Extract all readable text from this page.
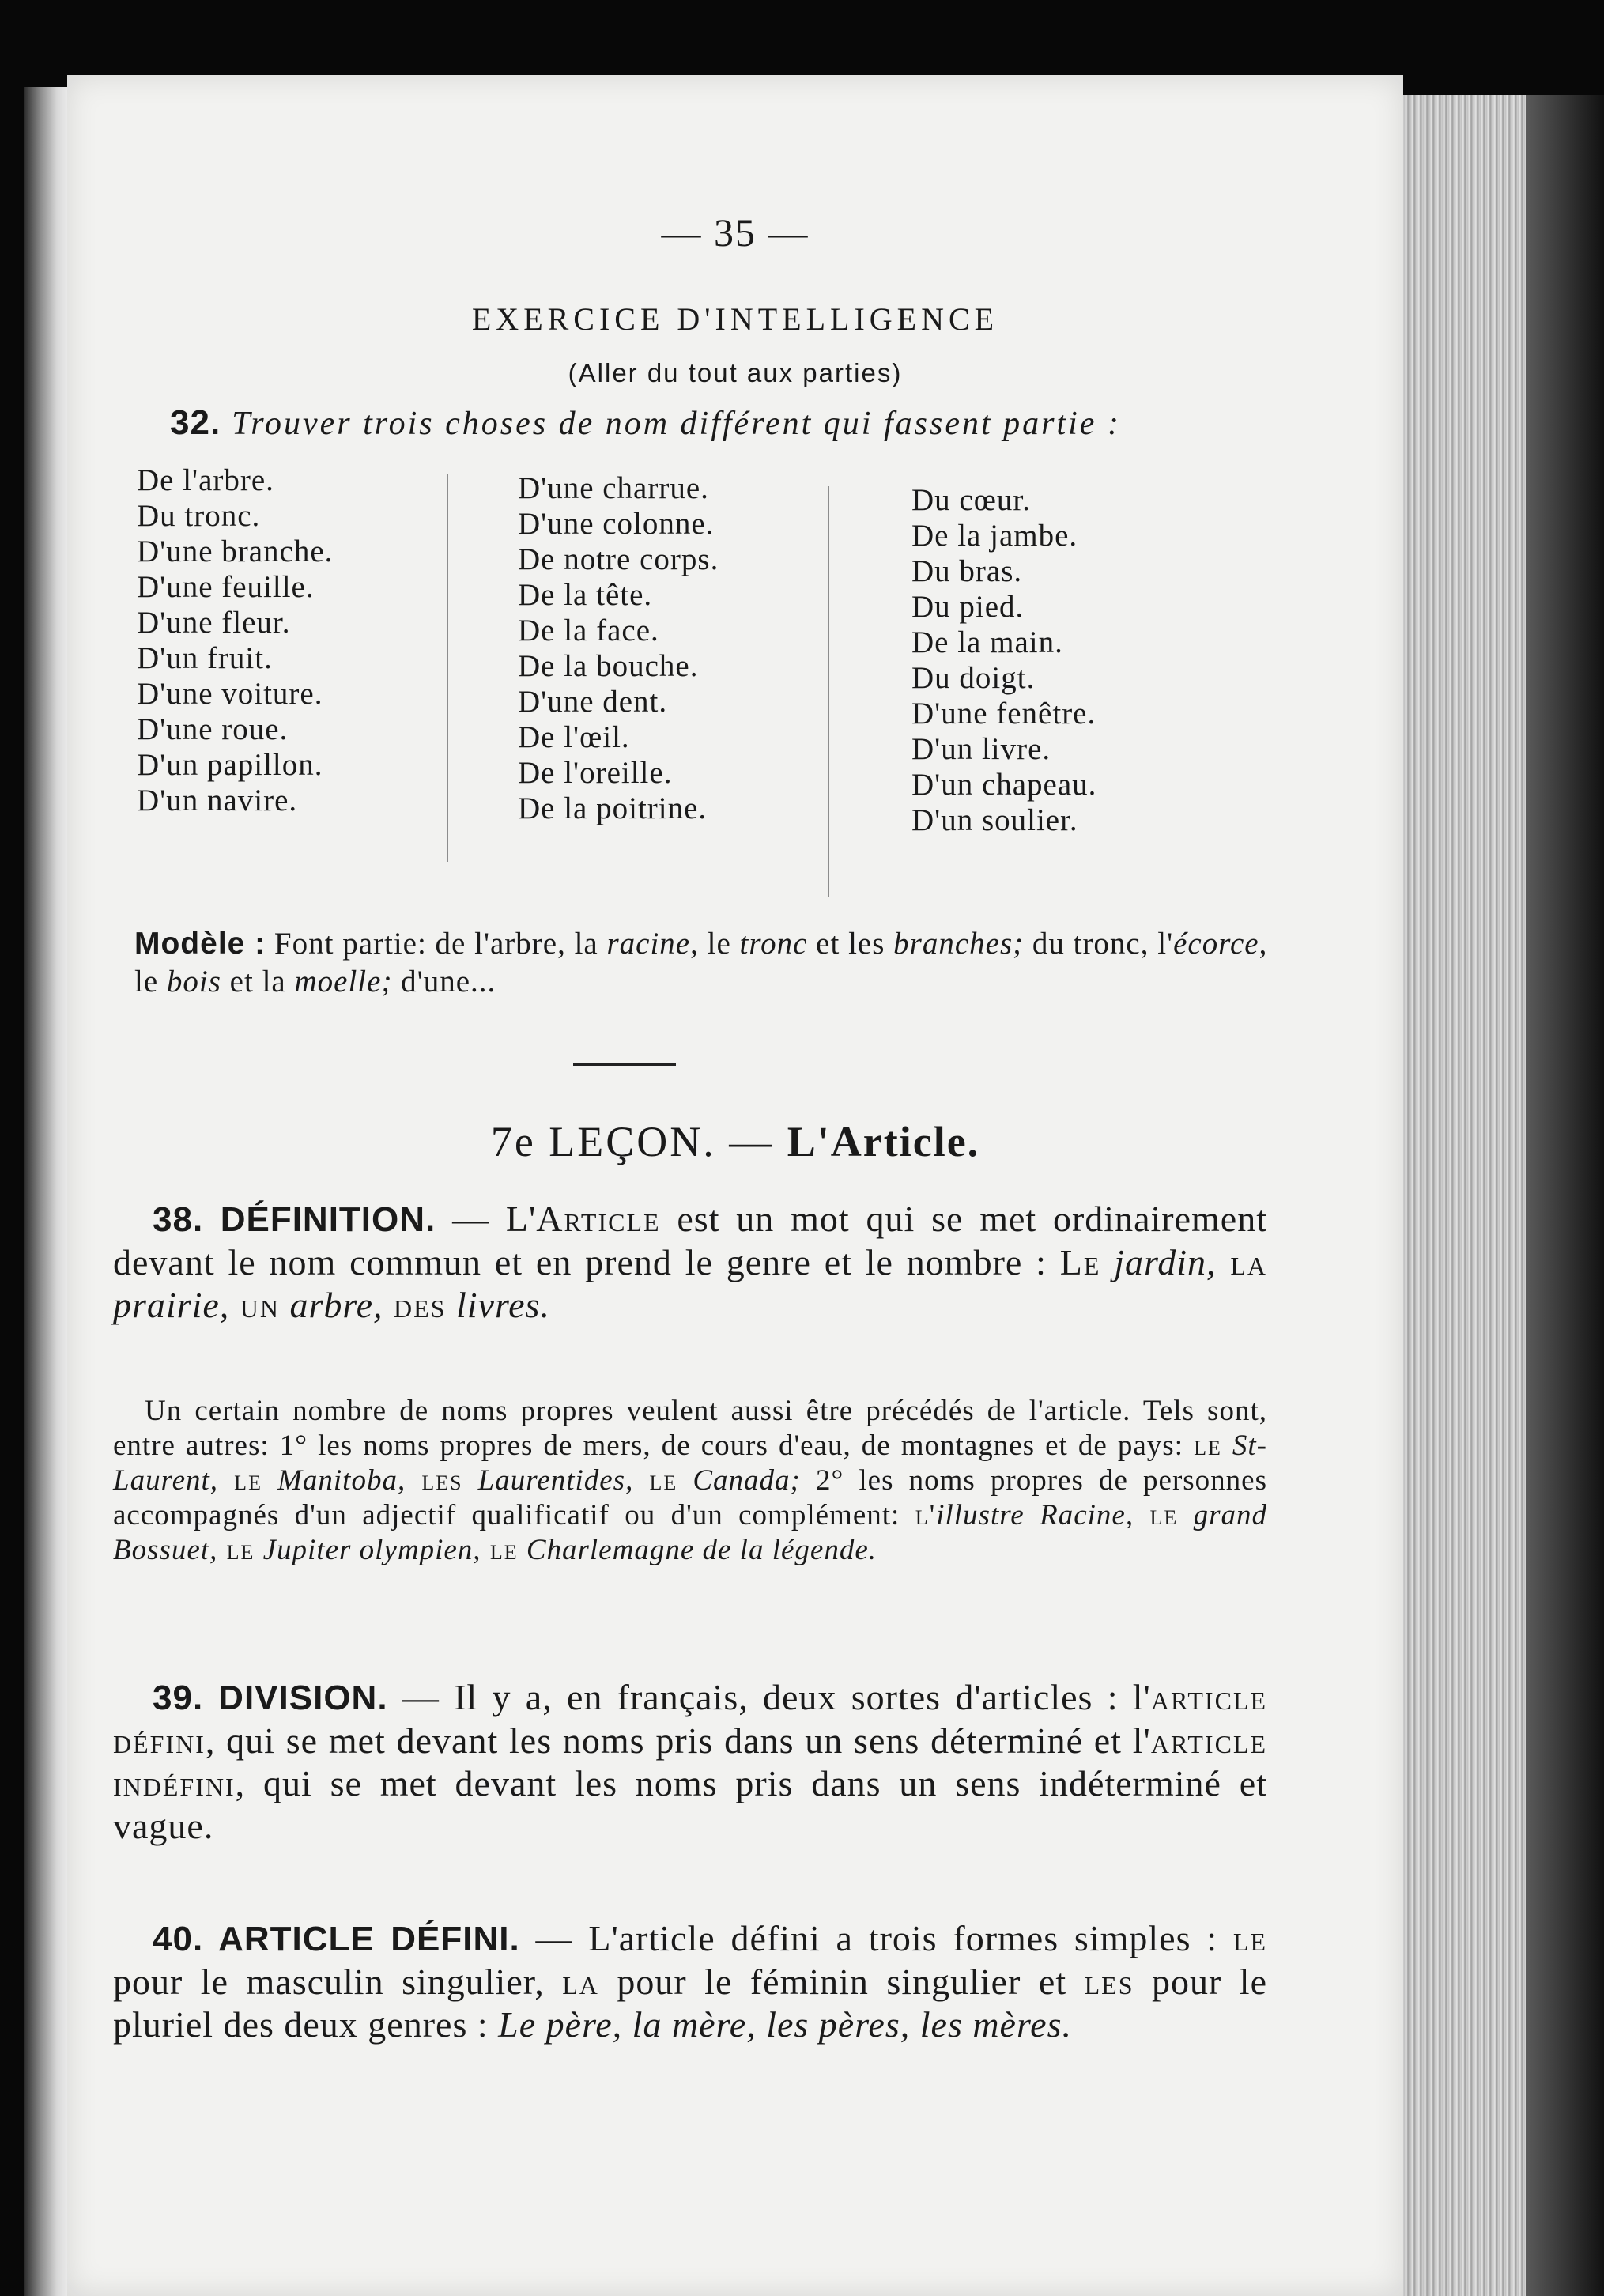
— 35 —
EXERCICE D'INTELLIGENCE
(Aller du tout aux parties)
32. Trouver trois choses de nom différent qui fassent partie :
De l'arbre.
Du tronc.
D'une branche.
D'une feuille.
D'une fleur.
D'un fruit.
D'une voiture.
D'une roue.
D'un papillon.
D'un navire.
D'une charrue.
D'une colonne.
De notre corps.
De la tête.
De la face.
De la bouche.
D'une dent.
De l'œil.
De l'oreille.
De la poitrine.
Du cœur.
De la jambe.
Du bras.
Du pied.
De la main.
Du doigt.
D'une fenêtre.
D'un livre.
D'un chapeau.
D'un soulier.
Modèle : Font partie: de l'arbre, la racine, le tronc et les branches; du tronc, l'écorce, le bois et la moelle; d'une...
7e LEÇON. — L'Article.
38. DÉFINITION. — L'Article est un mot qui se met ordinairement devant le nom commun et en prend le genre et le nombre : Le jardin, la prairie, un arbre, des livres.
Un certain nombre de noms propres veulent aussi être précédés de l'article. Tels sont, entre autres: 1° les noms propres de mers, de cours d'eau, de montagnes et de pays: le St-Laurent, le Manitoba, les Laurentides, le Canada; 2° les noms propres de personnes accompagnés d'un adjectif qualificatif ou d'un complément: l'illustre Racine, le grand Bossuet, le Jupiter olympien, le Charlemagne de la légende.
39. DIVISION. — Il y a, en français, deux sortes d'articles : l'article défini, qui se met devant les noms pris dans un sens déterminé et l'article indéfini, qui se met devant les noms pris dans un sens indéterminé et vague.
40. ARTICLE DÉFINI. — L'article défini a trois formes simples : le pour le masculin singulier, la pour le féminin singulier et les pour le pluriel des deux genres : Le père, la mère, les pères, les mères.
